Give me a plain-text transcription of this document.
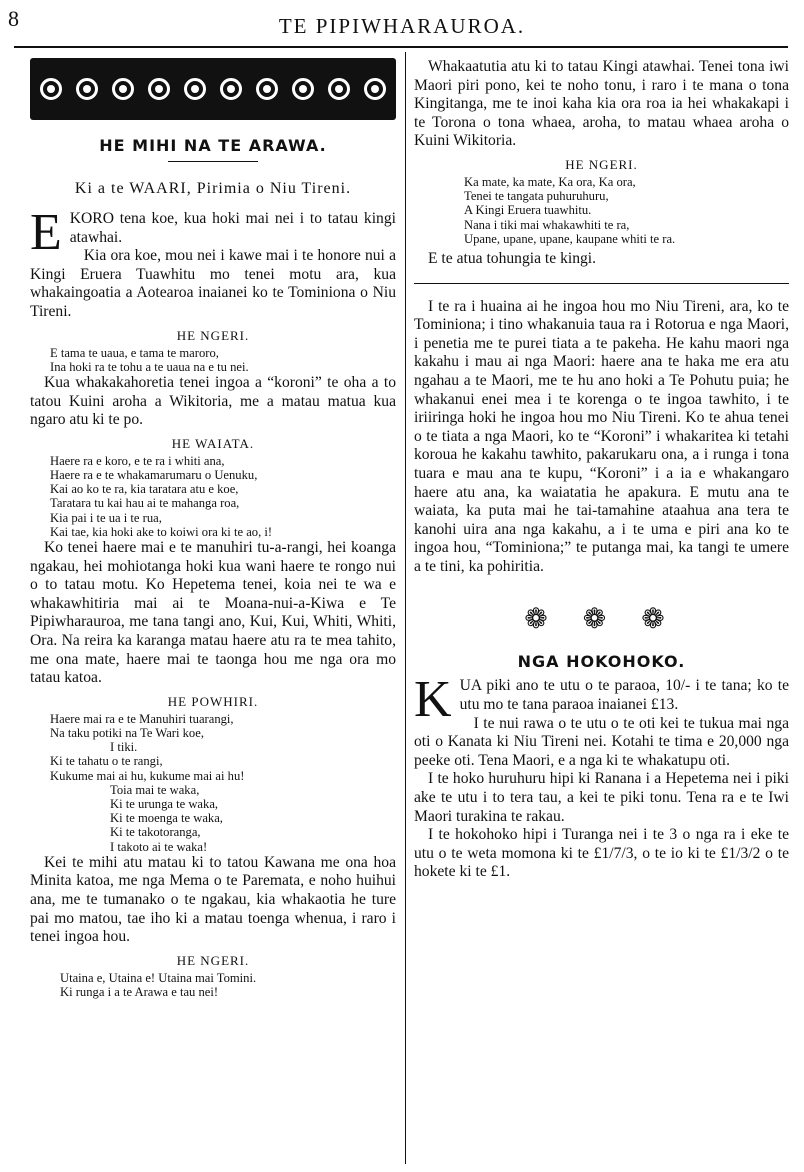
8	TE PIPIWHARAUROA.
HE MIHI NA TE ARAWA.
Ki a te WAARI, Pirimia o Niu Tireni.

EKORO tena koe, kua hoki mai nei i to tatau kingi atawhai.

Kia ora koe, mou nei i kawe mai i te honore nui a Kingi Eruera Tuawhitu mo tenei motu ara, kua whakaingoatia a Aotearoa inaianei ko te Tominiona o Niu Tireni.

HE NGERI.
E tama te uaua, e tama te maroro,
Ina hoki ra te tohu a te uaua na e tu nei.

Kua whakakahoretia tenei ingoa a “koroni” te oha a to tatou Kuini aroha a Wikitoria, me a matau matua kua ngaro atu ki te po.

HE WAIATA.
Haere ra e koro, e te ra i whiti ana,
Haere ra e te whakamarumaru o Uenuku,
Kai ao ko te ra, kia taratara atu e koe,
Taratara tu kai hau ai te mahanga roa,
Kia pai i te ua i te rua,
Kai tae, kia hoki ake to koiwi ora ki te ao, i!

Ko tenei haere mai e te manuhiri tu-a-rangi, hei koanga ngakau, hei mohiotanga hoki kua wani haere te rongo nui o to tatau motu. Ko Hepetema tenei, koia nei te wa e whakawhitiria mai ai te Moana-nui-a-Kiwa e Te Pipiwharauroa, me tana tangi ano, Kui, Kui, Whiti, Whiti, Ora. Na reira ka karanga matau haere atu ra te mea tahito, me ona mate, haere mai te taonga hou me nga ora mo tatau katoa.

HE POWHIRI.
Haere mai ra e te Manuhiri tuarangi,
Na taku potiki na Te Wari koe,
I tiki.
Ki te tahatu o te rangi,
Kukume mai ai hu, kukume mai ai hu!
Toia mai te waka,
Ki te urunga te waka,
Ki te moenga te waka,
Ki te takotoranga,
I takoto ai te waka!

Kei te mihi atu matau ki to tatou Kawana me ona hoa Minita katoa, me nga Mema o te Paremata, e noho huihui ana, me te tumanako o te ngakau, kia whakaotia he ture pai mo matou, tae iho ki a matau toenga whenua, i raro i tenei ingoa hou.

HE NGERI.
Utaina e, Utaina e! Utaina mai Tomini.
Ki runga i a te Arawa e tau nei!

Whakaatutia atu ki to tatau Kingi atawhai. Tenei tona iwi Maori piri pono, kei te noho tonu, i raro i te mana o tona Kingitanga, me te inoi kaha kia ora roa ia hei whakakapi i te Torona o tona whaea, aroha, to matau whaea aroha o Kuini Wikitoria.

HE NGERI.
Ka mate, ka mate, Ka ora, Ka ora,
Tenei te tangata puhuruhuru,
A Kingi Eruera tuawhitu.
Nana i tiki mai whakawhiti te ra,
Upane, upane, upane, kaupane whiti te ra.

E te atua tohungia te kingi.

I te ra i huaina ai he ingoa hou mo Niu Tireni, ara, ko te Tominiona; i tino whakanuia taua ra i Rotorua e nga Maori, i penetia me te purei tiata a te pakeha. He kahu maori nga kakahu i mau ai nga Maori: haere ana te haka me era atu ngahau a te Maori, me te hu ano hoki a Te Pohutu puia; he whakanui enei mea i te korenga o te ingoa tawhito, i te iriiringa hoki he ingoa hou mo Niu Tireni. Ko te ahua tenei o te tiata a nga Maori, ko te “Koroni” i whakaritea ki tetahi koroua he kakahu tawhito, pakarukaru ona, a i runga i tona tuara e mau ana te kupu, “Koroni” i a ia e whakangaro haere atu ana, ka waiatatia he apakura. E mutu ana te waiata, ka puta mai he tai-tamahine ataahua ana tera te kanohi uira ana nga kakahu, a i te uma e piri ana ko te ingoa hou, “Tominiona;” te putanga mai, ka tangi te umere a te tini, ka pohiritia.

❁ ❁ ❁
NGA HOKOHOKO.

KUA piki ano te utu o te paraoa, 10/- i te tana; ko te utu mo te tana paraoa inaianei £13.

I te nui rawa o te utu o te oti kei te tukua mai nga oti o Kanata ki Niu Tireni nei. Kotahi te tima e 20,000 nga peeke oti. Tena Maori, e a nga ki te whakatupu oti.

I te hoko huruhuru hipi ki Ranana i a Hepetema nei i piki ake te utu i to tera tau, a kei te piki tonu. Tena ra e te Iwi Maori turakina te rakau.

I te hokohoko hipi i Turanga nei i te 3 o nga ra i eke te utu o te weta momona ki te £1/7/3, o te io ki te £1/3/2 o te hokete ki te £1.
